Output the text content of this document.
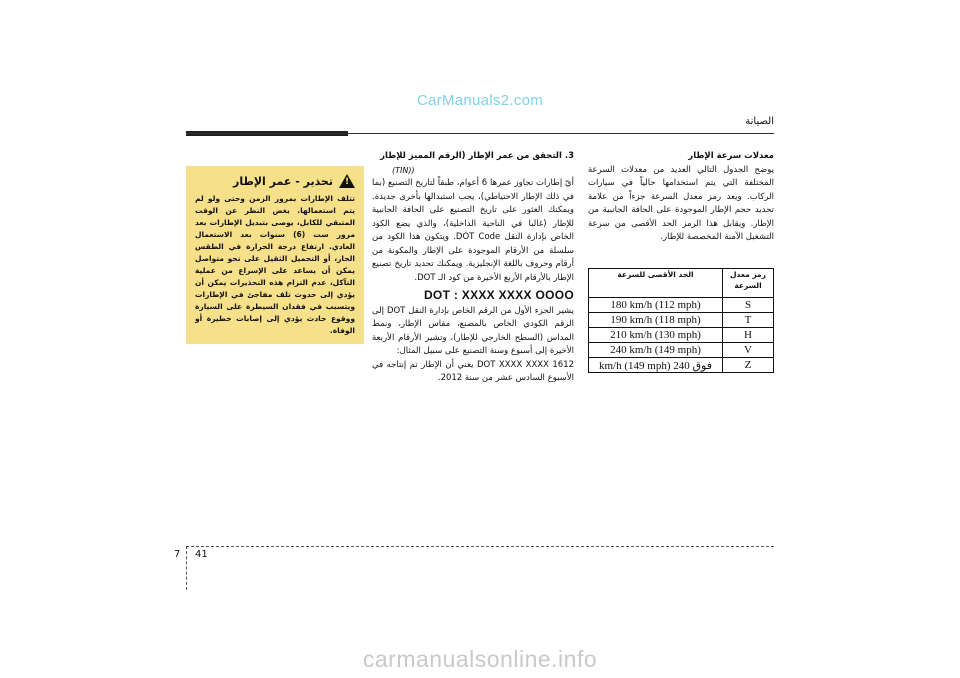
CarManuals2.com
الصيانة
3. التحقق من عمر الإطار (الرقم المميز للإطار
(TIN))
أيّ إطارات تجاوز عمرها 6 أعوام، طبقاً لتاريخ التصنيع (بما في ذلك الإطار الاحتياطي)، يجب استبدالها بأخرى جديدة. ويمكنك العثور على تاريخ التصنيع على الحافة الجانبية للإطار (غالبا في الناحية الداخلية)، والذي يضع الكود الخاص بإدارة النقل DOT Code. ويتكون هذا الكود من سلسلة من الأرقام الموجودة على الإطار والمكونة من أرقام وحروف باللغة الإنجليزية. ويمكنك تحديد تاريخ تصنيع الإطار بالأرقام الأربع الأخيرة من كود الـ DOT.
DOT : XXXX XXXX OOOO
يشير الجزء الأول من الرقم الخاص بإدارة النقل DOT إلى الرقم الكودي الخاص بالمصنع، مقاس الإطار، ونمط المداس (السطح الخارجي للإطار)، وتشير الأرقام الأربعة الأخيرة إلى أسبوع وسنة التصنيع على سبيل المثال:
DOT XXXX XXXX 1612 يعني أن الإطار تم إنتاجه في الأسبوع السادس عشر من سنة 2012.
معدلات سرعة الإطار
يوضح الجدول التالي العديد من معدلات السرعة المختلفة التي يتم استخدامها حالياً في سيارات الركاب. ويعد رمز معدل السرعة جزءاً من علامة تحديد حجم الإطار الموجودة على الحافة الجانبية من الإطار. ويقابل هذا الرمز الحد الأقصى من سرعة التشغيل الآمنة المخصصة للإطار.
الحد الأقصى للسرعة	رمز معدل السرعة
180 km/h (112 mph)	S
190 km/h (118 mph)	T
210 km/h (130 mph)	H
240 km/h (149 mph)	V
فوق 240 km/h (149 mph)	Z
!
تحذير - عمر الإطار
تتلف الإطارات بمرور الزمن وحتى ولو لم يتم استعمالها. بغض النظر عن الوقت المتبقي للكابل، يوصى بتبديل الإطارات بعد مرور ست (6) سنوات بعد الاستعمال العادي. ارتفاع درجة الحرارة في الطقس الحار، أو التحميل الثقيل على نحو متواصل يمكن أن يساعد على الإسراع من عملية التآكل، عدم التزام هذه التحذيرات يمكن أن يؤدي إلى حدوث تلف مفاجئ في الإطارات ويتسبب في فقدان السيطرة على السيارة ووقوع حادث يؤدي إلى إصابات خطيرة أو الوفاة.
7 41
carmanualsonline.info
